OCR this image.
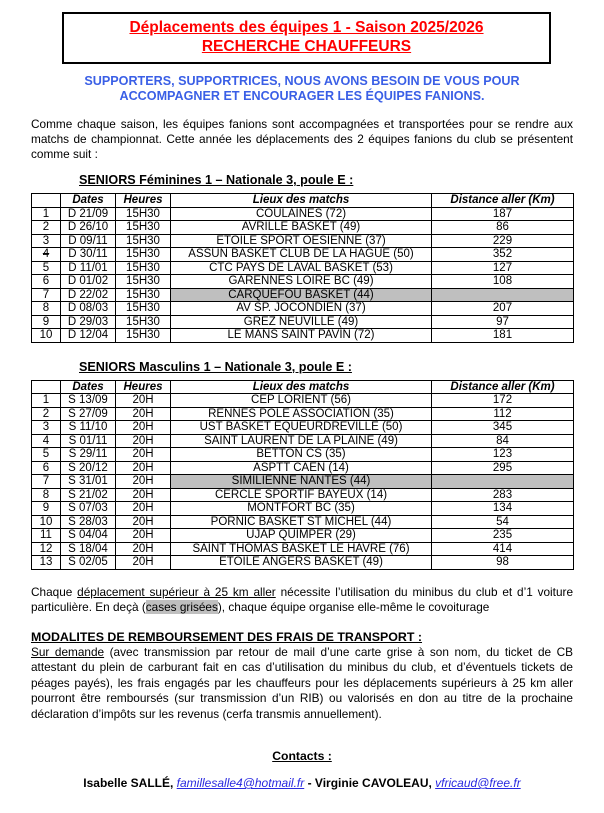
Déplacements des équipes 1 - Saison 2025/2026
RECHERCHE CHAUFFEURS
SUPPORTERS, SUPPORTRICES, NOUS AVONS BESOIN DE VOUS POUR
ACCOMPAGNER ET ENCOURAGER LES ÉQUIPES FANIONS.
Comme chaque saison, les équipes fanions sont accompagnées et transportées pour se rendre aux matchs de championnat. Cette année les déplacements des 2 équipes fanions du club se présentent comme suit :
SENIORS Féminines 1 – Nationale 3, poule E :
	Dates	Heures	Lieux des matchs	Distance aller (Km)
1	D 21/09	15H30	COULAINES (72)	187
2	D 26/10	15H30	AVRILLÉ BASKET (49)	86
3	D 09/11	15H30	ETOILE SPORT OESIENNE (37)	229
4	D 30/11	15H30	ASSUN BASKET CLUB DE LA HAGUE (50)	352
5	D 11/01	15H30	CTC PAYS DE LAVAL BASKET (53)	127
6	D 01/02	15H30	GARENNES LOIRE BC (49)	108
7	D 22/02	15H30	CARQUEFOU BASKET (44)	
8	D 08/03	15H30	AV SP. JOCONDIEN (37)	207
9	D 29/03	15H30	GREZ NEUVILLE (49)	97
10	D 12/04	15H30	LE MANS SAINT PAVIN (72)	181
SENIORS Masculins 1 – Nationale 3, poule E :
	Dates	Heures	Lieux des matchs	Distance aller (Km)
1	S 13/09	20H	CEP LORIENT (56)	172
2	S 27/09	20H	RENNES POLE ASSOCIATION (35)	112
3	S 11/10	20H	UST BASKET EQUEURDREVILLE (50)	345
4	S 01/11	20H	SAINT LAURENT DE LA PLAINE (49)	84
5	S 29/11	20H	BETTON CS (35)	123
6	S 20/12	20H	ASPTT CAEN (14)	295
7	S 31/01	20H	SIMILIENNE NANTES (44)	
8	S 21/02	20H	CERCLE SPORTIF BAYEUX (14)	283
9	S 07/03	20H	MONTFORT BC (35)	134
10	S 28/03	20H	PORNIC BASKET ST MICHEL (44)	54
11	S 04/04	20H	UJAP QUIMPER (29)	235
12	S 18/04	20H	SAINT THOMAS BASKET LE HAVRE (76)	414
13	S 02/05	20H	ETOILE ANGERS BASKET (49)	98
Chaque déplacement supérieur à 25 km aller nécessite l’utilisation du minibus du club et d’1 voiture particulière. En deçà (cases grisées), chaque équipe organise elle-même le covoiturage
MODALITES DE REMBOURSEMENT DES FRAIS DE TRANSPORT :
Sur demande (avec transmission par retour de mail d’une carte grise à son nom, du ticket de CB attestant du plein de carburant fait en cas d’utilisation du minibus du club, et d’éventuels tickets de péages payés), les frais engagés par les chauffeurs pour les déplacements supérieurs à 25 km aller pourront être remboursés (sur transmission d’un RIB) ou valorisés en don au titre de la prochaine déclaration d’impôts sur les revenus (cerfa transmis annuellement).
Contacts :
Isabelle SALLÉ, famillesalle4@hotmail.fr - Virginie CAVOLEAU, vfricaud@free.fr
